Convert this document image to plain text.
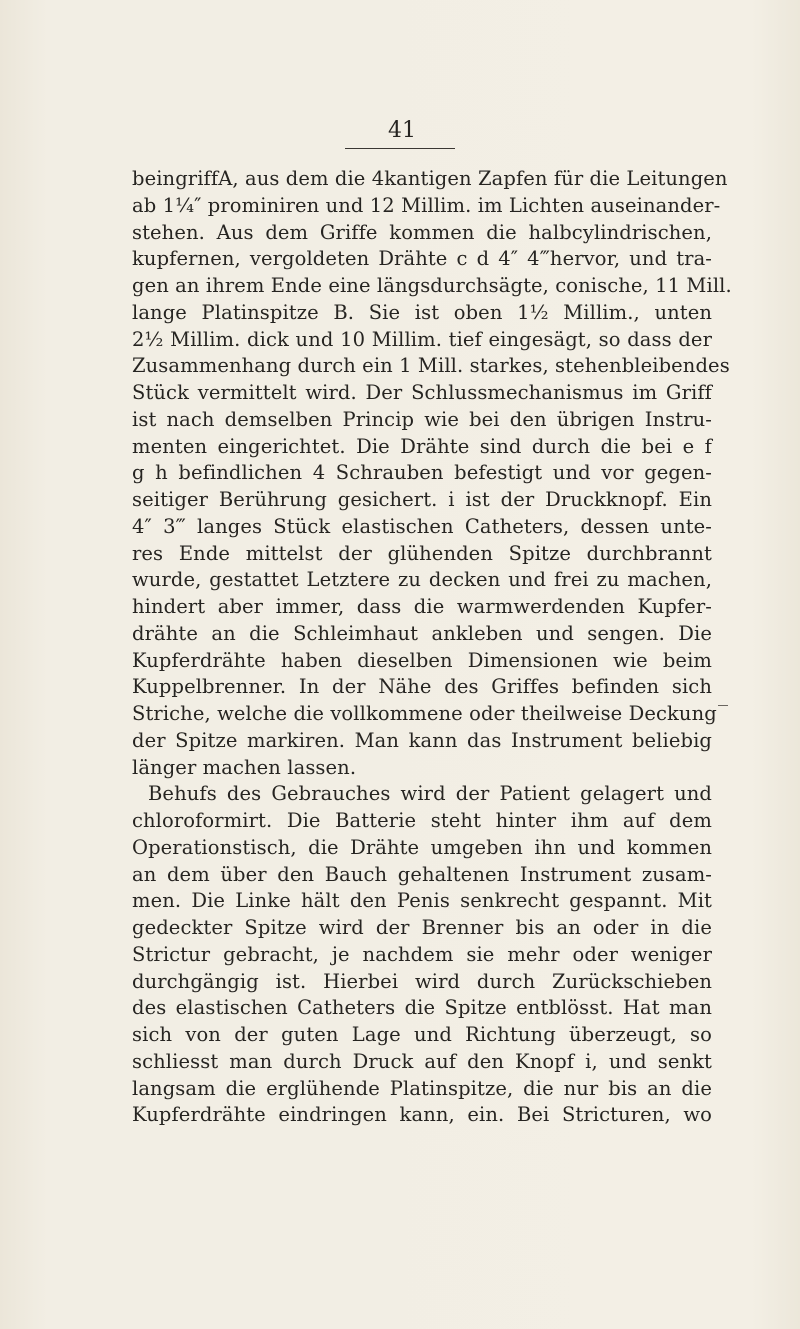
41
beingriffA, aus dem die 4kantigen Zapfen für die Leitungen
ab 1¼″ prominiren und 12 Millim. im Lichten auseinander-
stehen. Aus dem Griffe kommen die halbcylindrischen,
kupfernen, vergoldeten Drähte c d 4″ 4‴hervor, und tra-
gen an ihrem Ende eine längsdurchsägte, conische, 11 Mill.
lange Platinspitze B. Sie ist oben 1½ Millim., unten
2½ Millim. dick und 10 Millim. tief eingesägt, so dass der
Zusammenhang durch ein 1 Mill. starkes, stehenbleibendes
Stück vermittelt wird. Der Schlussmechanismus im Griff
ist nach demselben Princip wie bei den übrigen Instru-
menten eingerichtet. Die Drähte sind durch die bei e f
g h befindlichen 4 Schrauben befestigt und vor gegen-
seitiger Berührung gesichert. i ist der Druckknopf. Ein
4″ 3‴ langes Stück elastischen Catheters, dessen unte-
res Ende mittelst der glühenden Spitze durchbrannt
wurde, gestattet Letztere zu decken und frei zu machen,
hindert aber immer, dass die warmwerdenden Kupfer-
drähte an die Schleimhaut ankleben und sengen. Die
Kupferdrähte haben dieselben Dimensionen wie beim
Kuppelbrenner. In der Nähe des Griffes befinden sich
Striche, welche die vollkommene oder theilweise Deckung
der Spitze markiren. Man kann das Instrument beliebig
länger machen lassen.
Behufs des Gebrauches wird der Patient gelagert und
chloroformirt. Die Batterie steht hinter ihm auf dem
Operationstisch, die Drähte umgeben ihn und kommen
an dem über den Bauch gehaltenen Instrument zusam-
men. Die Linke hält den Penis senkrecht gespannt. Mit
gedeckter Spitze wird der Brenner bis an oder in die
Strictur gebracht, je nachdem sie mehr oder weniger
durchgängig ist. Hierbei wird durch Zurückschieben
des elastischen Catheters die Spitze entblösst. Hat man
sich von der guten Lage und Richtung überzeugt, so
schliesst man durch Druck auf den Knopf i, und senkt
langsam die erglühende Platinspitze, die nur bis an die
Kupferdrähte eindringen kann, ein. Bei Stricturen, wo
